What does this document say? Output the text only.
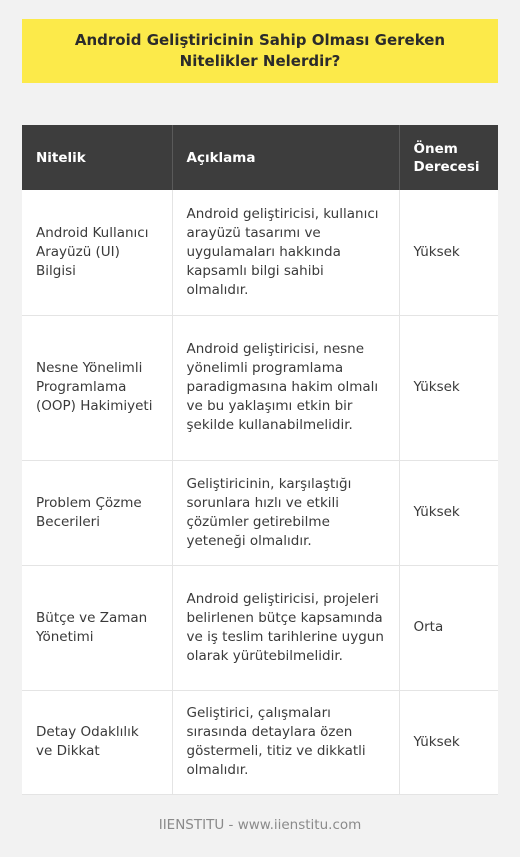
Android Geliştiricinin Sahip Olması Gereken Nitelikler Nelerdir?
Nitelik	Açıklama	Önem Derecesi
Android Kullanıcı Arayüzü (UI) Bilgisi	Android geliştiricisi, kullanıcı arayüzü tasarımı ve uygulamaları hakkında kapsamlı bilgi sahibi olmalıdır.	Yüksek
Nesne Yönelimli Programlama (OOP) Hakimiyeti	Android geliştiricisi, nesne yönelimli programlama paradigmasına hakim olmalı ve bu yaklaşımı etkin bir şekilde kullanabilmelidir.	Yüksek
Problem Çözme Becerileri	Geliştiricinin, karşılaştığı sorunlara hızlı ve etkili çözümler getirebilme yeteneği olmalıdır.	Yüksek
Bütçe ve Zaman Yönetimi	Android geliştiricisi, projeleri belirlenen bütçe kapsamında ve iş teslim tarihlerine uygun olarak yürütebilmelidir.	Orta
Detay Odaklılık ve Dikkat	Geliştirici, çalışmaları sırasında detaylara özen göstermeli, titiz ve dikkatli olmalıdır.	Yüksek
IIENSTITU - www.iienstitu.com
